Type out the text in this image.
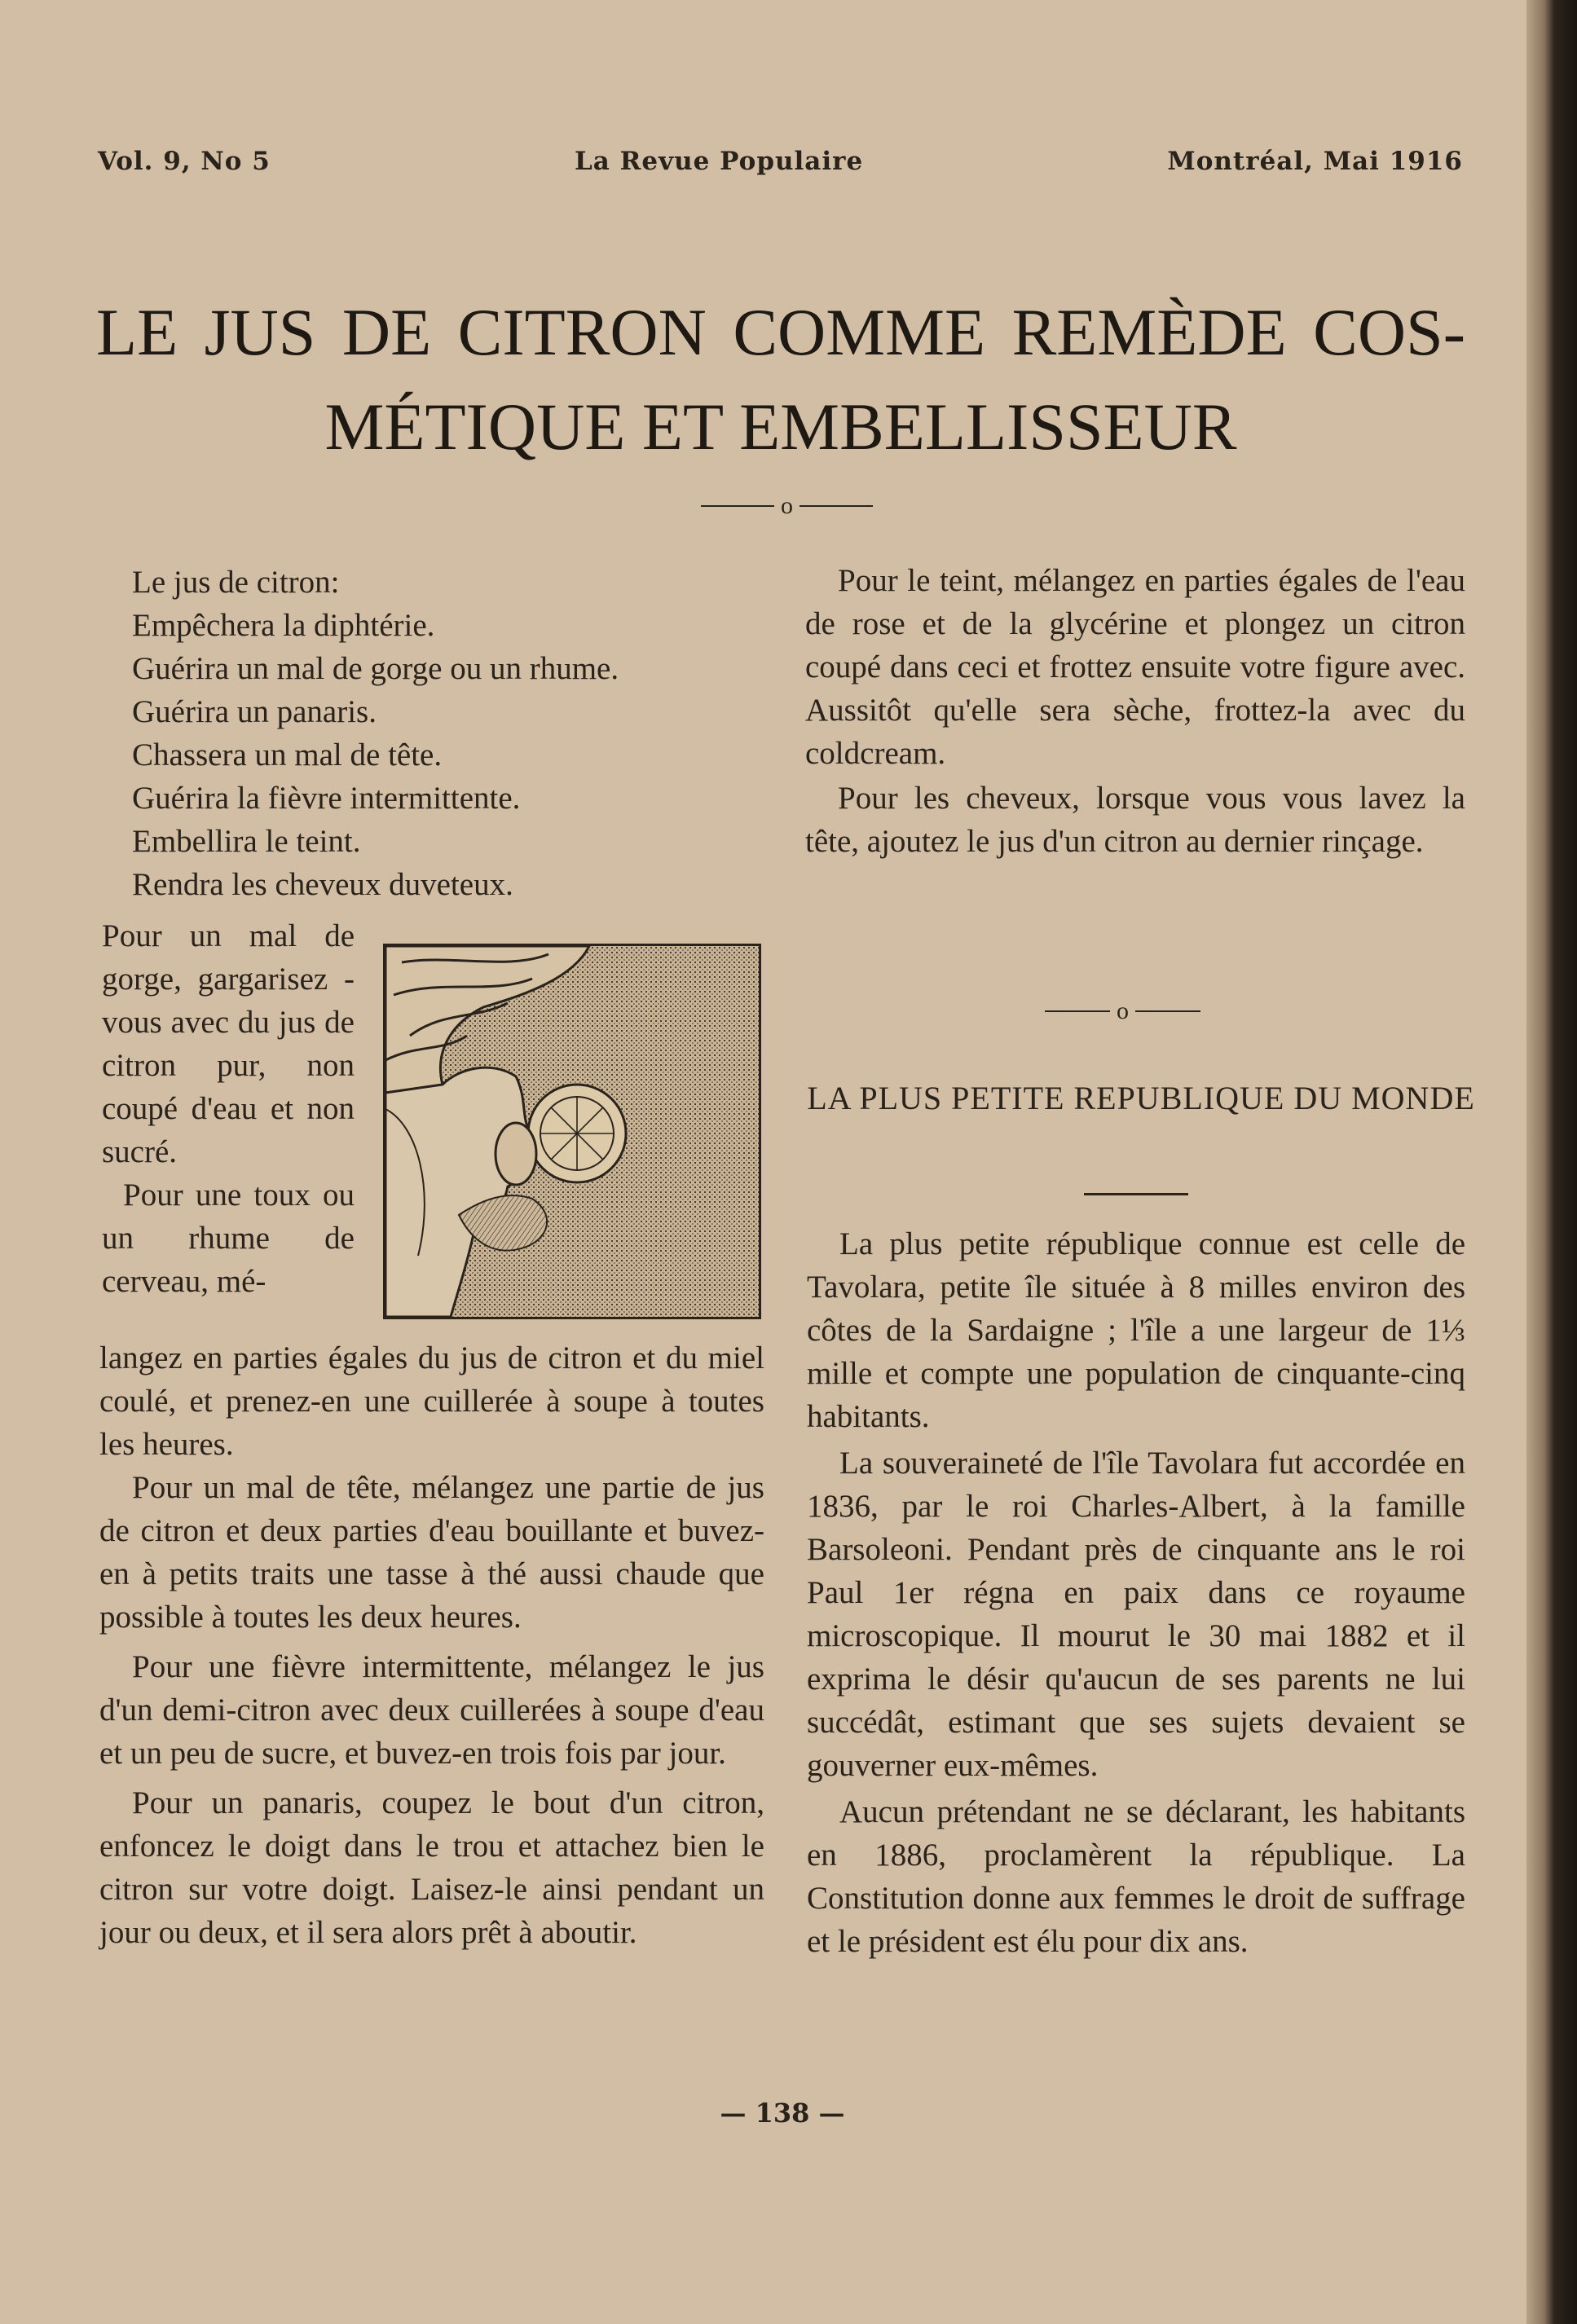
Vol. 9, No 5	La Revue Populaire	Montréal, Mai 1916
LE JUS DE CITRON COMME REMÈDE COS-
MÉTIQUE ET EMBELLISSEUR
o
Le jus de citron:
Empêchera la diphtérie.
Guérira un mal de gorge ou un rhume.
Guérira un panaris.
Chassera un mal de tête.
Guérira la fièvre intermittente.
Embellira le teint.
Rendra les cheveux duveteux.

Pour un mal de gorge, gargarisez - vous avec du jus de citron pur, non coupé d'eau et non sucré.

Pour une toux ou un rhume de cerveau, mé-

langez en parties égales du jus de citron et du miel coulé, et prenez-en une cuillerée à soupe à toutes les heures.

Pour un mal de tête, mélangez une partie de jus de citron et deux parties d'eau bouillante et buvez-en à petits traits une tasse à thé aussi chaude que possible à toutes les deux heures.

Pour une fièvre intermittente, mélangez le jus d'un demi-citron avec deux cuillerées à soupe d'eau et un peu de sucre, et buvez-en trois fois par jour.

Pour un panaris, coupez le bout d'un citron, enfoncez le doigt dans le trou et attachez bien le citron sur votre doigt. Laisez-le ainsi pendant un jour ou deux, et il sera alors prêt à aboutir.

Pour le teint, mélangez en parties égales de l'eau de rose et de la glycérine et plongez un citron coupé dans ceci et frottez ensuite votre figure avec. Aussitôt qu'elle sera sèche, frottez-la avec du coldcream.

Pour les cheveux, lorsque vous vous lavez la tête, ajoutez le jus d'un citron au dernier rinçage.

o
LA PLUS PETITE REPUBLIQUE DU MONDE

La plus petite république connue est celle de Tavolara, petite île située à 8 milles environ des côtes de la Sardaigne ; l'île a une largeur de 1⅓ mille et compte une population de cinquante-cinq habitants.

La souveraineté de l'île Tavolara fut accordée en 1836, par le roi Charles-Albert, à la famille Barsoleoni. Pendant près de cinquante ans le roi Paul 1er régna en paix dans ce royaume microscopique. Il mourut le 30 mai 1882 et il exprima le désir qu'aucun de ses parents ne lui succédât, estimant que ses sujets devaient se gouverner eux-mêmes.

Aucun prétendant ne se déclarant, les habitants en 1886, proclamèrent la république. La Constitution donne aux femmes le droit de suffrage et le président est élu pour dix ans.

— 138 —
